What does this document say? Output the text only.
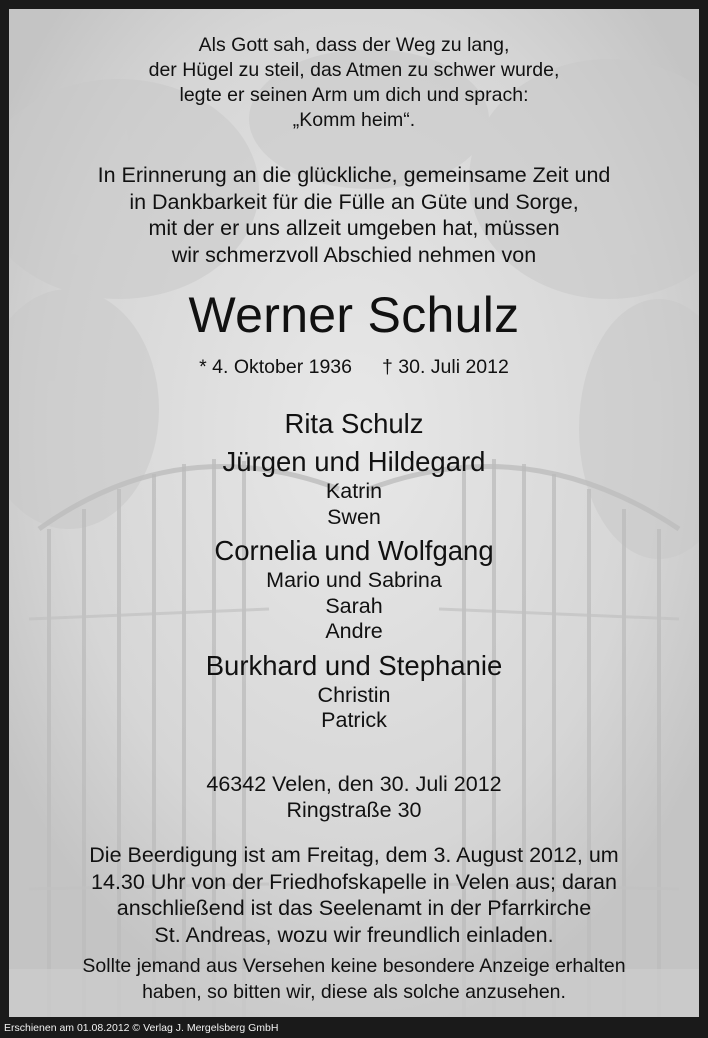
Als Gott sah, dass der Weg zu lang,
der Hügel zu steil, das Atmen zu schwer wurde,
legte er seinen Arm um dich und sprach:
„Komm heim“.
In Erinnerung an die glückliche, gemeinsame Zeit und
in Dankbarkeit für die Fülle an Güte und Sorge,
mit der er uns allzeit umgeben hat, müssen
wir schmerzvoll Abschied nehmen von
Werner Schulz
* 4. Oktober 1936 † 30. Juli 2012
Rita Schulz
Jürgen und Hildegard
Katrin
Swen
Cornelia und Wolfgang
Mario und Sabrina
Sarah
Andre
Burkhard und Stephanie
Christin
Patrick
46342 Velen, den 30. Juli 2012
Ringstraße 30
Die Beerdigung ist am Freitag, dem 3. August 2012, um
14.30 Uhr von der Friedhofskapelle in Velen aus; daran
anschließend ist das Seelenamt in der Pfarrkirche
St. Andreas, wozu wir freundlich einladen.
Sollte jemand aus Versehen keine besondere Anzeige erhalten
haben, so bitten wir, diese als solche anzusehen.
Erschienen am 01.08.2012 © Verlag J. Mergelsberg GmbH
